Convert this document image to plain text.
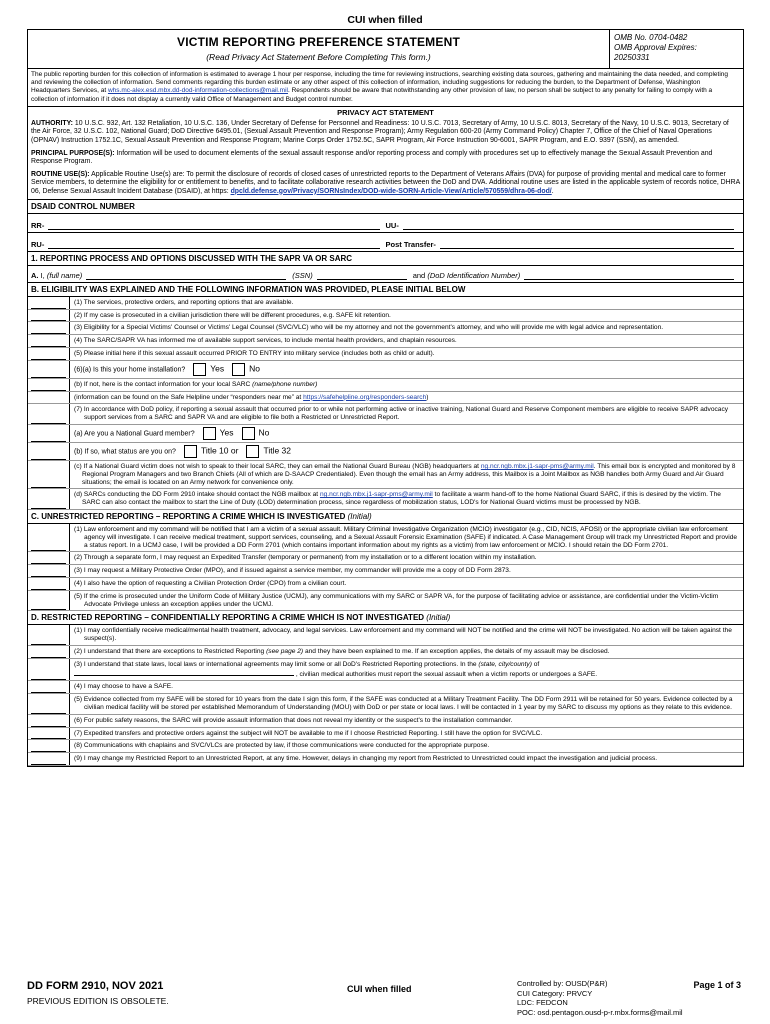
CUI when filled
VICTIM REPORTING PREFERENCE STATEMENT
(Read Privacy Act Statement Before Completing This form.)
OMB No. 0704-0482
OMB Approval Expires:
20250331
The public reporting burden for this collection of information is estimated to average 1 hour per response, including the time for reviewing instructions, searching existing data sources, gathering and maintaining the data needed, and completing and reviewing the collection of information. Send comments regarding this burden estimate or any other aspect of this collection of information, including suggestions for reducing the burden, to the Department of Defense, Washington Headquarters Services, at whs.mc-alex.esd.mbx.dd-dod-information-collections@mail.mil. Respondents should be aware that notwithstanding any other provision of law, no person shall be subject to any penalty for failing to comply with a collection of information if it does not display a currently valid Office of Management and Budget control number.
PRIVACY ACT STATEMENT

AUTHORITY: 10 U.S.C. 932, Art. 132 Retaliation, 10 U.S.C. 136, Under Secretary of Defense for Personnel and Readiness: 10 U.S.C. 7013, Secretary of Army, 10 U.S.C. 8013, Secretary of the Navy, 10 U.S.C. 9013, Secretary of the Air Force, 32 U.S.C. 102, National Guard; DoD Directive 6495.01, (Sexual Assault Prevention and Response Program); Army Regulation 600-20 (Army Command Policy) Chapter 7, Office of the Chief of Naval Operations (OPNAV) Instruction 1752.1C, Sexual Assault Prevention and Response Program; Marine Corps Order 1752.5C, SAPR Program, Air Force Instruction 90-6001, SAPR Program, and E.O. 9397 (SSN), as amended.

PRINCIPAL PURPOSE(S): Information will be used to document elements of the sexual assault response and/or reporting process and comply with procedures set up to effectively manage the Sexual Assault Prevention and Response Program.

ROUTINE USE(S): Applicable Routine Use(s) are: To permit the disclosure of records of closed cases of unrestricted reports to the Department of Veterans Affairs (DVA) for purpose of providing mental and medical care to former Service members, to determine the eligibility for or entitlement to benefits, and to facilitate collaborative research activities between the DoD and DVA. Additional routine uses are listed in the applicable system of records notice, DHRA 06, Defense Sexual Assault Incident Database (DSAID), at https: dpcld.defense.gov/Privacy/SORNsIndex/DOD-wide-SORN-Article-View/Article/570559/dhra-06-dod/.

DSAID CONTROL NUMBER
RR-	UU-
RU-	Post Transfer-
1. REPORTING PROCESS AND OPTIONS DISCUSSED WITH THE SAPR VA OR SARC
A.
I,
(full name)	(SSN)	and
(DoD Identification Number)
B. ELIGIBILITY WAS EXPLAINED AND THE FOLLOWING INFORMATION WAS PROVIDED, PLEASE INITIAL BELOW
(1) The services, protective orders, and reporting options that are available.
(2) If my case is prosecuted in a civilian jurisdiction there will be different procedures, e.g. SAFE kit retention.
(3) Eligibility for a Special Victims' Counsel or Victims' Legal Counsel (SVC/VLC) who will be my attorney and not the government's attorney, and who will provide me with legal advice and representation.
(4) The SARC/SAPR VA has informed me of available support services, to include mental health providers, and chaplain resources.
(5) Please initial here if this sexual assault occurred PRIOR TO ENTRY into military service (includes both as child or adult).
(6)(a) Is this your home installation?	Yes	No
(b) If not, here is the contact information for your local SARC (name/phone number)
(information can be found on the Safe Helpline under “responders near me” at https://safehelpline.org/responders-search)
(7) In accordance with DoD policy, if reporting a sexual assault that occurred prior to or while not performing active or inactive training, National Guard and Reserve Component members are eligible to receive SAPR advocacy support services from a SARC and SAPR VA and are eligible to file both a Restricted or Unrestricted Report.
(a) Are you a National Guard member?	Yes	No
(b) If so, what status are you on?	Title 10 or	Title 32
(c) If a National Guard victim does not wish to speak to their local SARC, they can email the National Guard Bureau (NGB) headquarters at ng.ncr.ngb.mbx.j1-sapr-pms@army.mil. This email box is encrypted and monitored by 8 Regional Program Managers and two Branch Chiefs (All of which are D-SAACP Credentialed). Even though the email has an Army address, this Mailbox is a Joint Mailbox as NGB handles both Army Guard and Air Guard situations; the email is located on an Army network for convenience only.
(d) SARCs conducting the DD Form 2910 intake should contact the NGB mailbox at ng.ncr.ngb.mbx.j1-sapr-pms@army.mil to facilitate a warm hand-off to the home National Guard SARC, if this is desired by the victim. The SARC can also contact the mailbox to start the Line of Duty (LOD) determination process, since regardless of mobilization status, LOD's for National Guard victims must be processed by NGB.
C. UNRESTRICTED REPORTING – REPORTING A CRIME WHICH IS INVESTIGATED (Initial)
(1) Law enforcement and my command will be notified that I am a victim of a sexual assault. Military Criminal Investigative Organization (MCIO) investigator (e.g., CID, NCIS, AFOSI) or the appropriate civilian law enforcement agency will investigate. I can receive medical treatment, support services, counseling, and a Sexual Assault Forensic Examination (SAFE) if indicated. A Case Management Group will track my Unrestricted Report and provide a status report. In a UCMJ case, I will be provided a DD Form 2701 (which contains important information about my rights as a victim) from law enforcement or MCIO. I should retain the DD Form 2701.
(2) Through a separate form, I may request an Expedited Transfer (temporary or permanent) from my installation or to a different location within my installation.
(3) I may request a Military Protective Order (MPO), and if issued against a service member, my commander will provide me a copy of DD Form 2873.
(4) I also have the option of requesting a Civilian Protection Order (CPO) from a civilian court.
(5) If the crime is prosecuted under the Uniform Code of Military Justice (UCMJ), any communications with my SARC or SAPR VA, for the purpose of facilitating advice or assistance, are confidential under the Victim-Victim Advocate Privilege unless an exception applies under the UCMJ.
D. RESTRICTED REPORTING – CONFIDENTIALLY REPORTING A CRIME WHICH IS NOT INVESTIGATED (Initial)
(1) I may confidentially receive medical/mental health treatment, advocacy, and legal services. Law enforcement and my command will NOT be notified and the crime will NOT be investigated. No action will be taken against the suspect(s).
(2) I understand that there are exceptions to Restricted Reporting (see page 2) and they have been explained to me. If an exception applies, the details of my assault may be disclosed.
(3) I understand that state laws, local laws or international agreements may limit some or all DoD's Restricted Reporting protections. In the (state, city/county) of
, civilian medical authorities must report the sexual assault when a victim reports or undergoes a SAFE.
(4) I may choose to have a SAFE.
(5) Evidence collected from my SAFE will be stored for 10 years from the date I sign this form, if the SAFE was conducted at a Military Treatment Facility. The DD Form 2911 will be retained for 50 years. Evidence collected by a civilian medical facility will be stored per established Memorandum of Understanding (MOU) with DoD or per state or local laws. I will be contacted in 1 year by my SARC to discuss my options as they relate to this evidence.
(6) For public safety reasons, the SARC will provide assault information that does not reveal my identity or the suspect's to the installation commander.
(7) Expedited transfers and protective orders against the subject will NOT be available to me if I choose Restricted Reporting. I still have the option for SVC/VLC.
(8) Communications with chaplains and SVC/VLCs are protected by law, if those communications were conducted for the appropriate purpose.
(9) I may change my Restricted Report to an Unrestricted Report, at any time. However, delays in changing my report from Restricted to Unrestricted could impact the investigation and judicial process.
DD FORM 2910, NOV 2021
PREVIOUS EDITION IS OBSOLETE.
CUI when filled
Controlled by: OUSD(P&R)
CUI Category: PRVCY
LDC: FEDCON
POC: osd.pentagon.ousd-p-r.mbx.forms@mail.mil
Page 1 of 3
